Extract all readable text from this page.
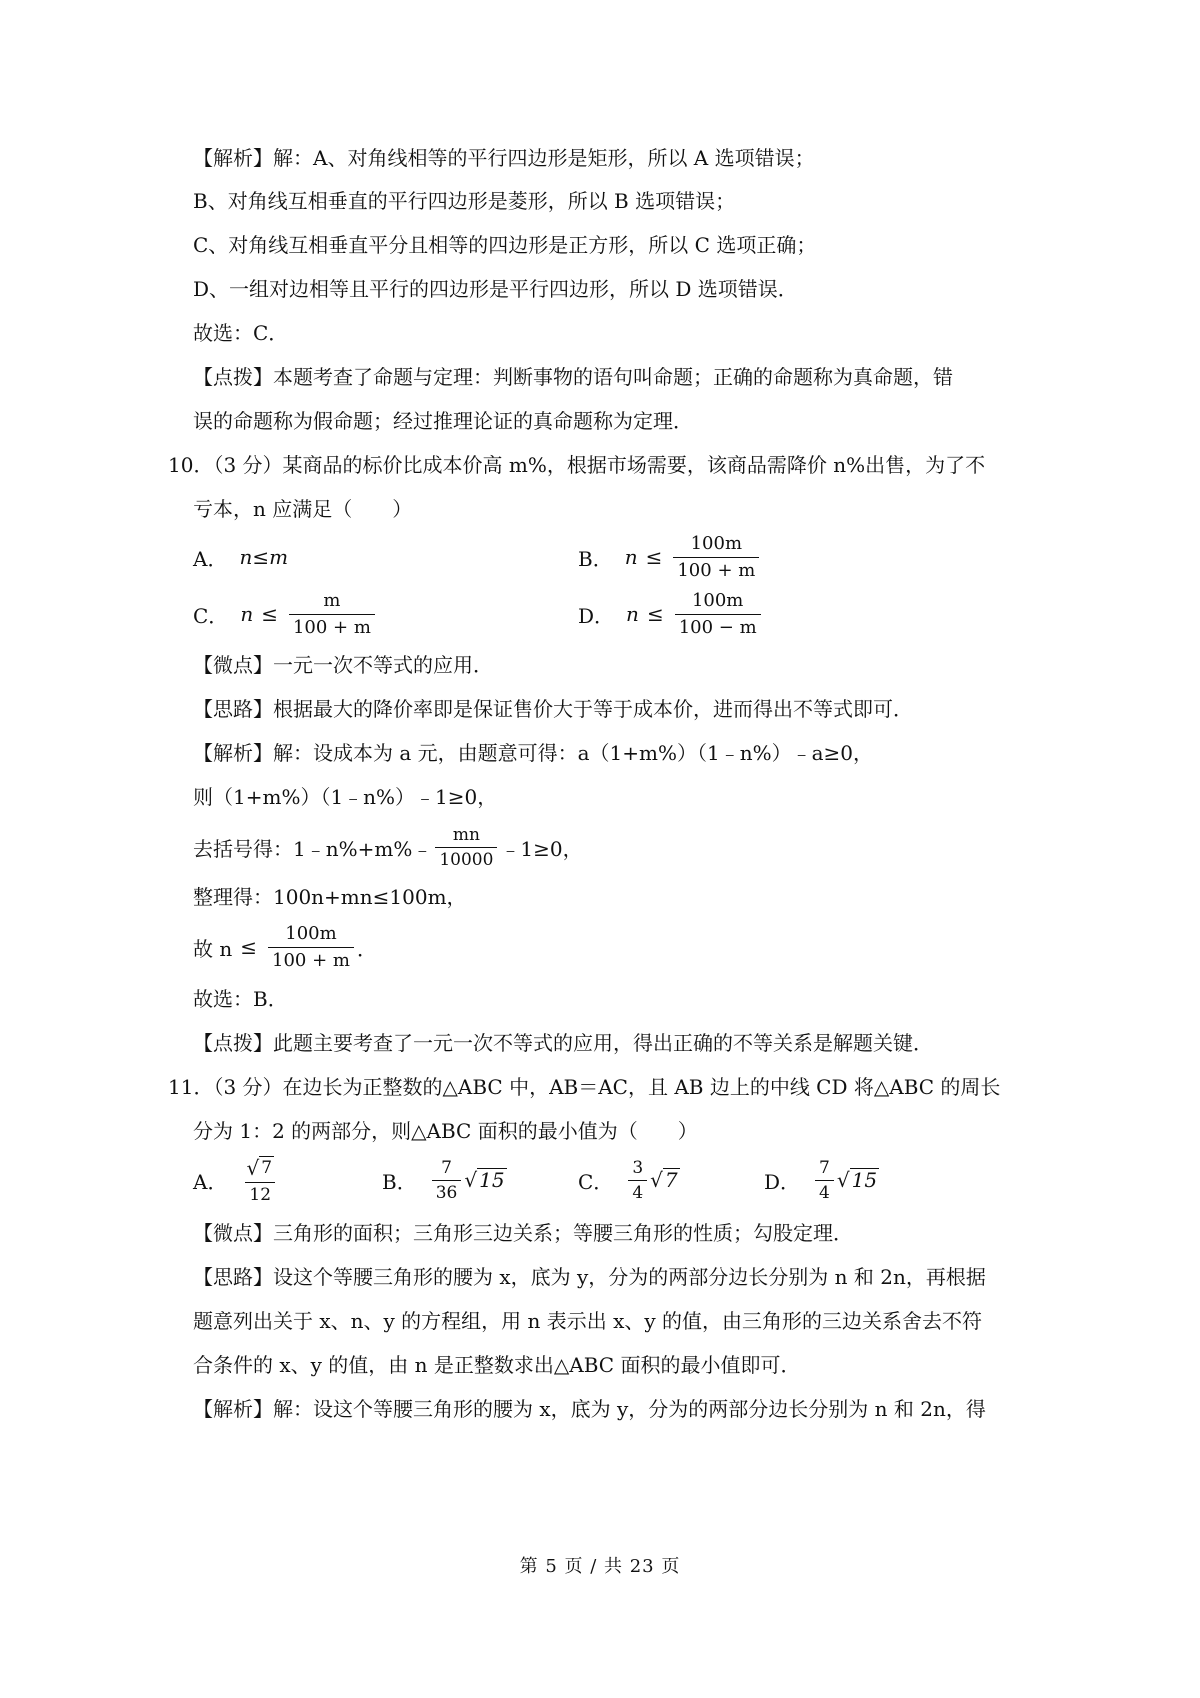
【解析】解：A、对角线相等的平行四边形是矩形，所以 A 选项错误；
B、对角线互相垂直的平行四边形是菱形，所以 B 选项错误；
C、对角线互相垂直平分且相等的四边形是正方形，所以 C 选项正确；
D、一组对边相等且平行的四边形是平行四边形，所以 D 选项错误．
故选：C．
【点拨】本题考查了命题与定理：判断事物的语句叫命题；正确的命题称为真命题，错
误的命题称为假命题；经过推理论证的真命题称为定理．
10．（3 分）某商品的标价比成本价高 m%，根据市场需要，该商品需降价 n%出售，为了不
亏本，n 应满足（　　）
A． n≤m	B． $n \le \frac{100m}{100 + m}$
C． $n \le \frac{m}{100 + m}$	D． $n \le \frac{100m}{100 - m}$
【微点】一元一次不等式的应用．
【思路】根据最大的降价率即是保证售价大于等于成本价，进而得出不等式即可．
【解析】解：设成本为 a 元，由题意可得：a（1+m%）（1﹣n%）﹣a≥0，
则（1+m%）（1﹣n%）﹣1≥0，
去括号得：1﹣n%+m%﹣ $\frac{mn}{10000}$ ﹣1≥0，
整理得：100n+mn≤100m，
故 $n \le \frac{100m}{100 + m}$ ．
故选：B．
【点拨】此题主要考查了一元一次不等式的应用，得出正确的不等关系是解题关键．
11．（3 分）在边长为正整数的△ABC 中，AB＝AC，且 AB 边上的中线 CD 将△ABC 的周长
分为 1：2 的两部分，则△ABC 面积的最小值为（　　）
A． $\frac{√ 7}{12}$	B． $\frac{7}{36}$ √ 15	C． $\frac{3}{4}$ √ 7	D． $\frac{7}{4}$ √ 15
【微点】三角形的面积；三角形三边关系；等腰三角形的性质；勾股定理．
【思路】设这个等腰三角形的腰为 x，底为 y，分为的两部分边长分别为 n 和 2n，再根据
题意列出关于 x、n、y 的方程组，用 n 表示出 x、y 的值，由三角形的三边关系舍去不符
合条件的 x、y 的值，由 n 是正整数求出△ABC 面积的最小值即可．
【解析】解：设这个等腰三角形的腰为 x，底为 y，分为的两部分边长分别为 n 和 2n，得
第 5 页 / 共 23 页
